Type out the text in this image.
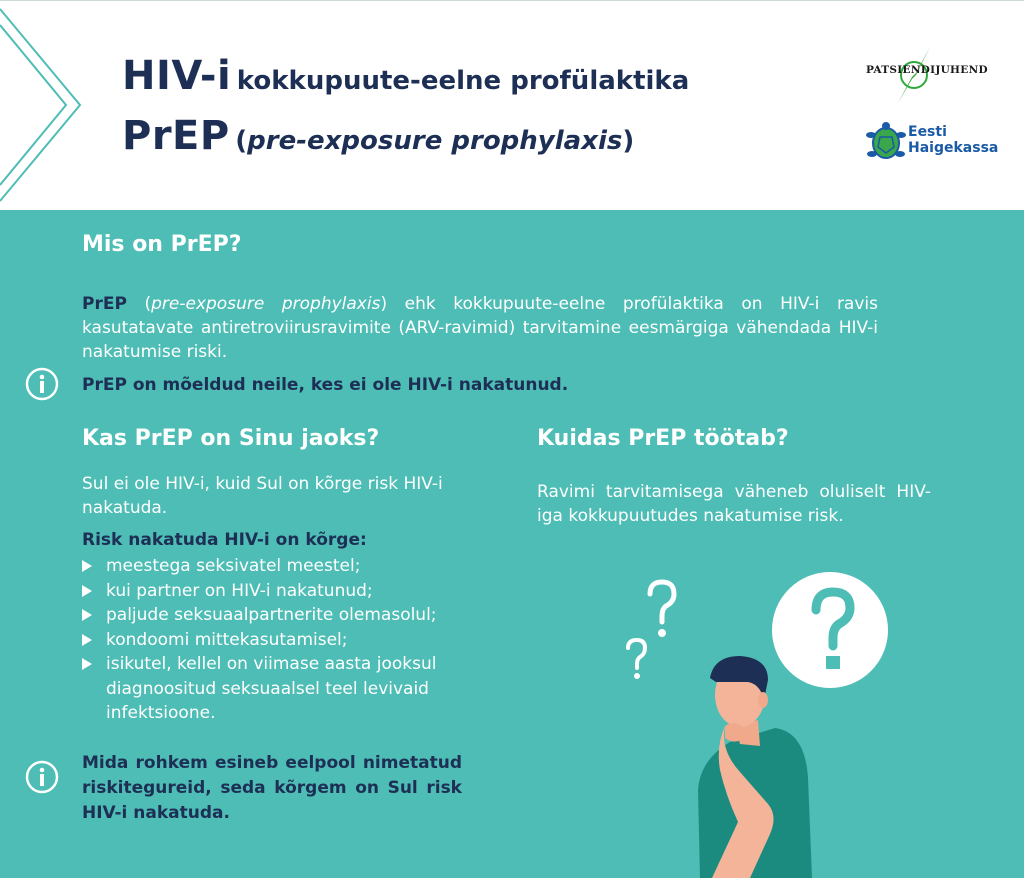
HIV-i kokkupuute-eelne profülaktika
PrEP (pre-exposure prophylaxis)
PATSIENDIJUHEND
Eesti
Haigekassa
Mis on PrEP?
PrEP (pre-exposure prophylaxis) ehk kokkupuute-eelne profülaktika on HIV-i ravis kasutatavate antiretroviirusravimite (ARV-ravimid) tarvitamine eesmärgiga vähendada HIV-i nakatumise riski.
PrEP on mõeldud neile, kes ei ole HIV-i nakatunud.
Kas PrEP on Sinu jaoks?
Sul ei ole HIV-i, kuid Sul on kõrge risk HIV-i nakatuda.
Risk nakatuda HIV-i on kõrge:
meestega seksivatel meestel;
kui partner on HIV-i nakatunud;
paljude seksuaalpartnerite olemasolul;
kondoomi mittekasutamisel;
isikutel, kellel on viimase aasta jooksul diagnoositud seksuaalsel teel levivaid infektsioone.
Mida rohkem esineb eelpool nimetatud riskitegureid, seda kõrgem on Sul risk HIV-i nakatuda.
Kuidas PrEP töötab?
Ravimi tarvitamisega väheneb oluliselt HIV-iga kokkupuutudes nakatumise risk.
